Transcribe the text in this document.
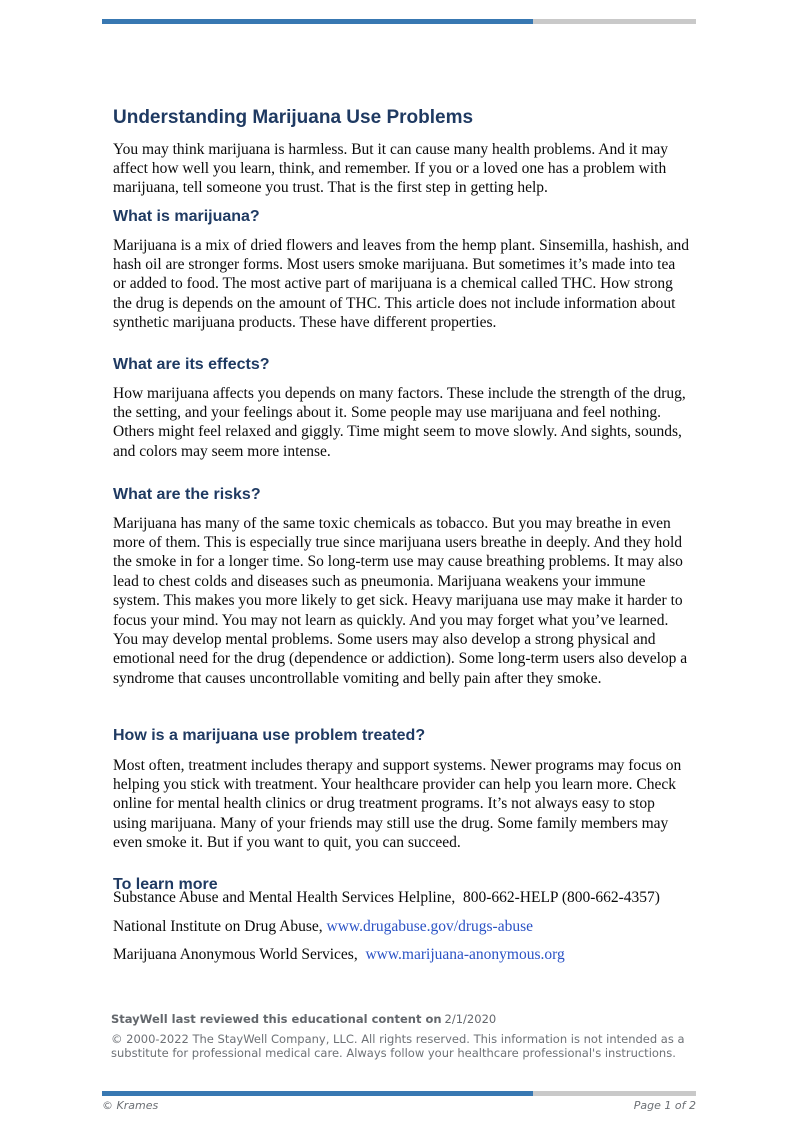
Understanding Marijuana Use Problems

You may think marijuana is harmless. But it can cause many health problems. And it may affect how well you learn, think, and remember. If you or a loved one has a problem with marijuana, tell someone you trust. That is the first step in getting help.

What is marijuana?

Marijuana is a mix of dried flowers and leaves from the hemp plant. Sinsemilla, hashish, and hash oil are stronger forms. Most users smoke marijuana. But sometimes it’s made into tea or added to food. The most active part of marijuana is a chemical called THC. How strong the drug is depends on the amount of THC. This article does not include information about synthetic marijuana products. These have different properties.

What are its effects?

How marijuana affects you depends on many factors. These include the strength of the drug, the setting, and your feelings about it. Some people may use marijuana and feel nothing. Others might feel relaxed and giggly. Time might seem to move slowly. And sights, sounds, and colors may seem more intense.

What are the risks?

Marijuana has many of the same toxic chemicals as tobacco. But you may breathe in even more of them. This is especially true since marijuana users breathe in deeply. And they hold the smoke in for a longer time. So long-term use may cause breathing problems. It may also lead to chest colds and diseases such as pneumonia. Marijuana weakens your immune system. This makes you more likely to get sick. Heavy marijuana use may make it harder to focus your mind. You may not learn as quickly. And you may forget what you’ve learned. You may develop mental problems. Some users may also develop a strong physical and emotional need for the drug (dependence or addiction). Some long-term users also develop a syndrome that causes uncontrollable vomiting and belly pain after they smoke.

How is a marijuana use problem treated?

Most often, treatment includes therapy and support systems. Newer programs may focus on helping you stick with treatment. Your healthcare provider can help you learn more. Check online for mental health clinics or drug treatment programs. It’s not always easy to stop using marijuana. Many of your friends may still use the drug. Some family members may even smoke it. But if you want to quit, you can succeed.

To learn more

Substance Abuse and Mental Health Services Helpline,  800-662-HELP (800-662-4357)

National Institute on Drug Abuse, www.drugabuse.gov/drugs-abuse

Marijuana Anonymous World Services,  www.marijuana-anonymous.org

StayWell last reviewed this educational content on 2/1/2020

© 2000-2022 The StayWell Company, LLC. All rights reserved. This information is not intended as a substitute for professional medical care. Always follow your healthcare professional's instructions.

© Krames	Page 1 of 2
